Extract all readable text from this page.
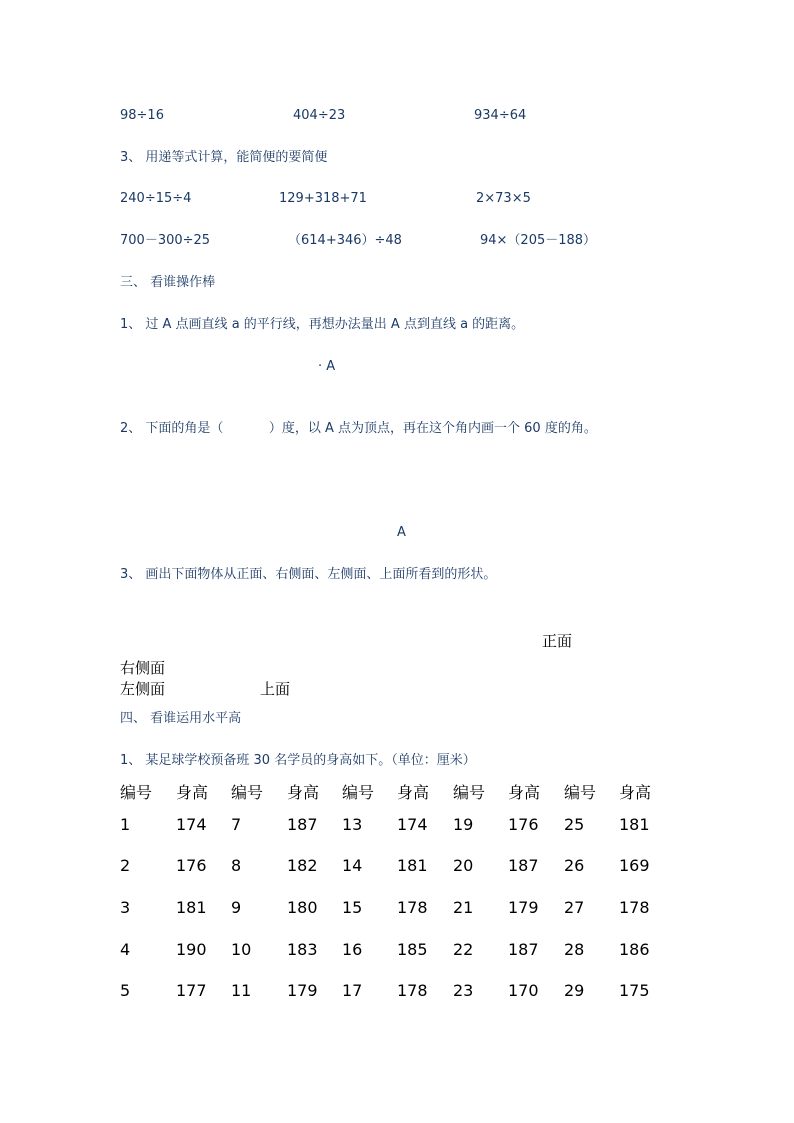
98÷16	404÷23	934÷64
3、 用递等式计算，能简便的要简便
240÷15÷4	129+318+71	2×73×5
700－300÷25	（614+346）÷48	94×（205－188）
三、 看谁操作棒
1、 过 A 点画直线 a 的平行线，再想办法量出 A 点到直线 a 的距离。
· A
2、 下面的角是（           ）度，以 A 点为顶点，再在这个角内画一个 60 度的角。
A
3、 画出下面物体从正面、右侧面、左侧面、上面所看到的形状。
正面
右侧面
左侧面	上面
四、 看谁运用水平高
1、 某足球学校预备班 30 名学员的身高如下。（单位：厘米）
编号 身高 编号 身高 编号 身高 编号 身高 编号 身高
1	174 7	187 13 174 19 176 25 181
2	176 8	182 14 181 20 187 26 169
3	181 9	180 15 178 21 179 27 178
4	190 10 183 16 185 22 187 28 186
5	177 11 179 17 178 23 170 29 175
